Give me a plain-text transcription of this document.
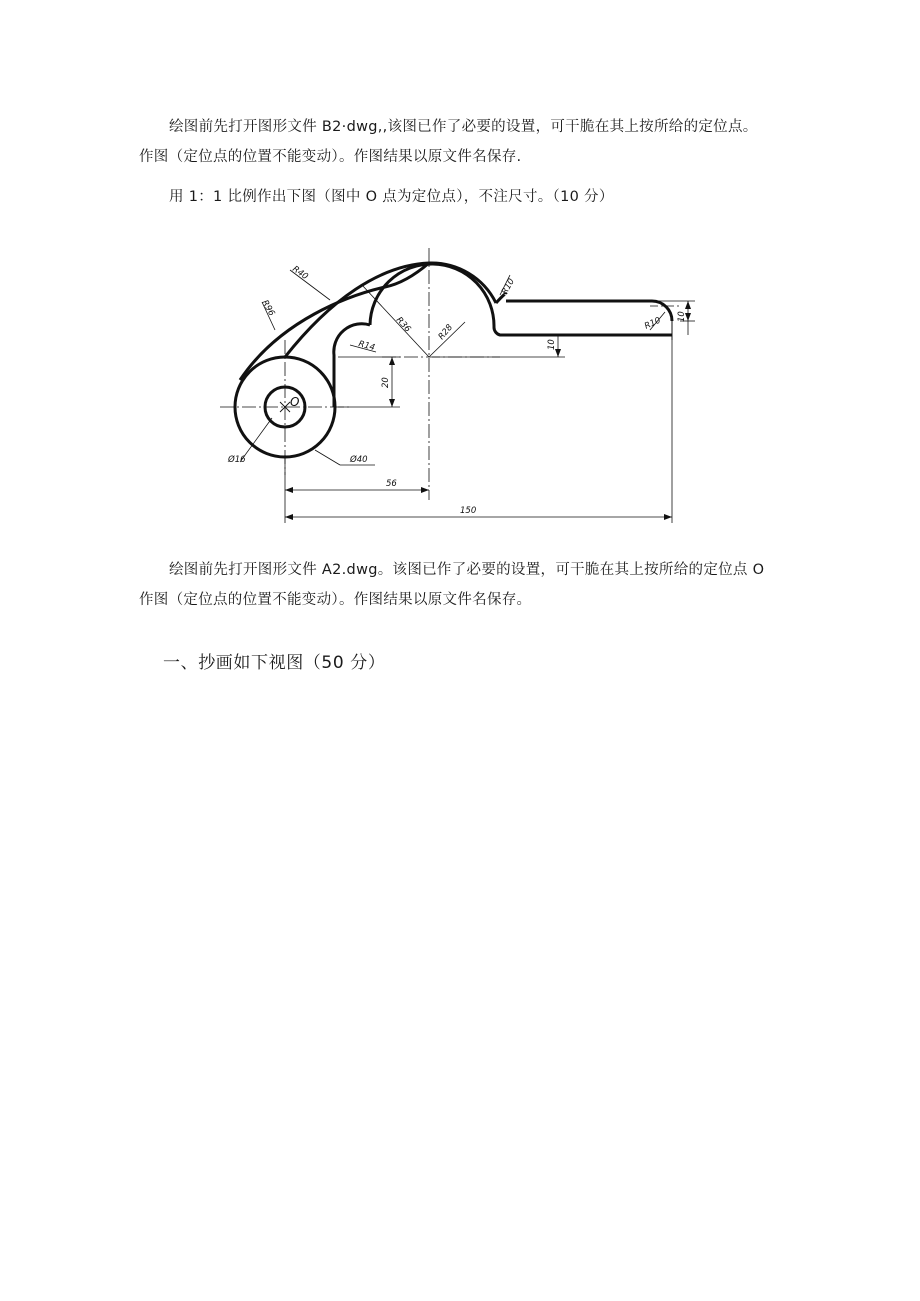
绘图前先打开图形文件 B2·dwg,,该图已作了必要的设置，可干脆在其上按所给的定位点。
作图（定位点的位置不能变动）。作图结果以原文件名保存.
用 1：1 比例作出下图（图中 O 点为定位点），不注尺寸。（10 分）
O
R40
R96
R36	R28
R14
R10
R10
Ø16	Ø40
20
10
10
56
150
绘图前先打开图形文件 A2.dwg。该图已作了必要的设置，可干脆在其上按所给的定位点 O
作图（定位点的位置不能变动）。作图结果以原文件名保存。
一、抄画如下视图（50 分）
